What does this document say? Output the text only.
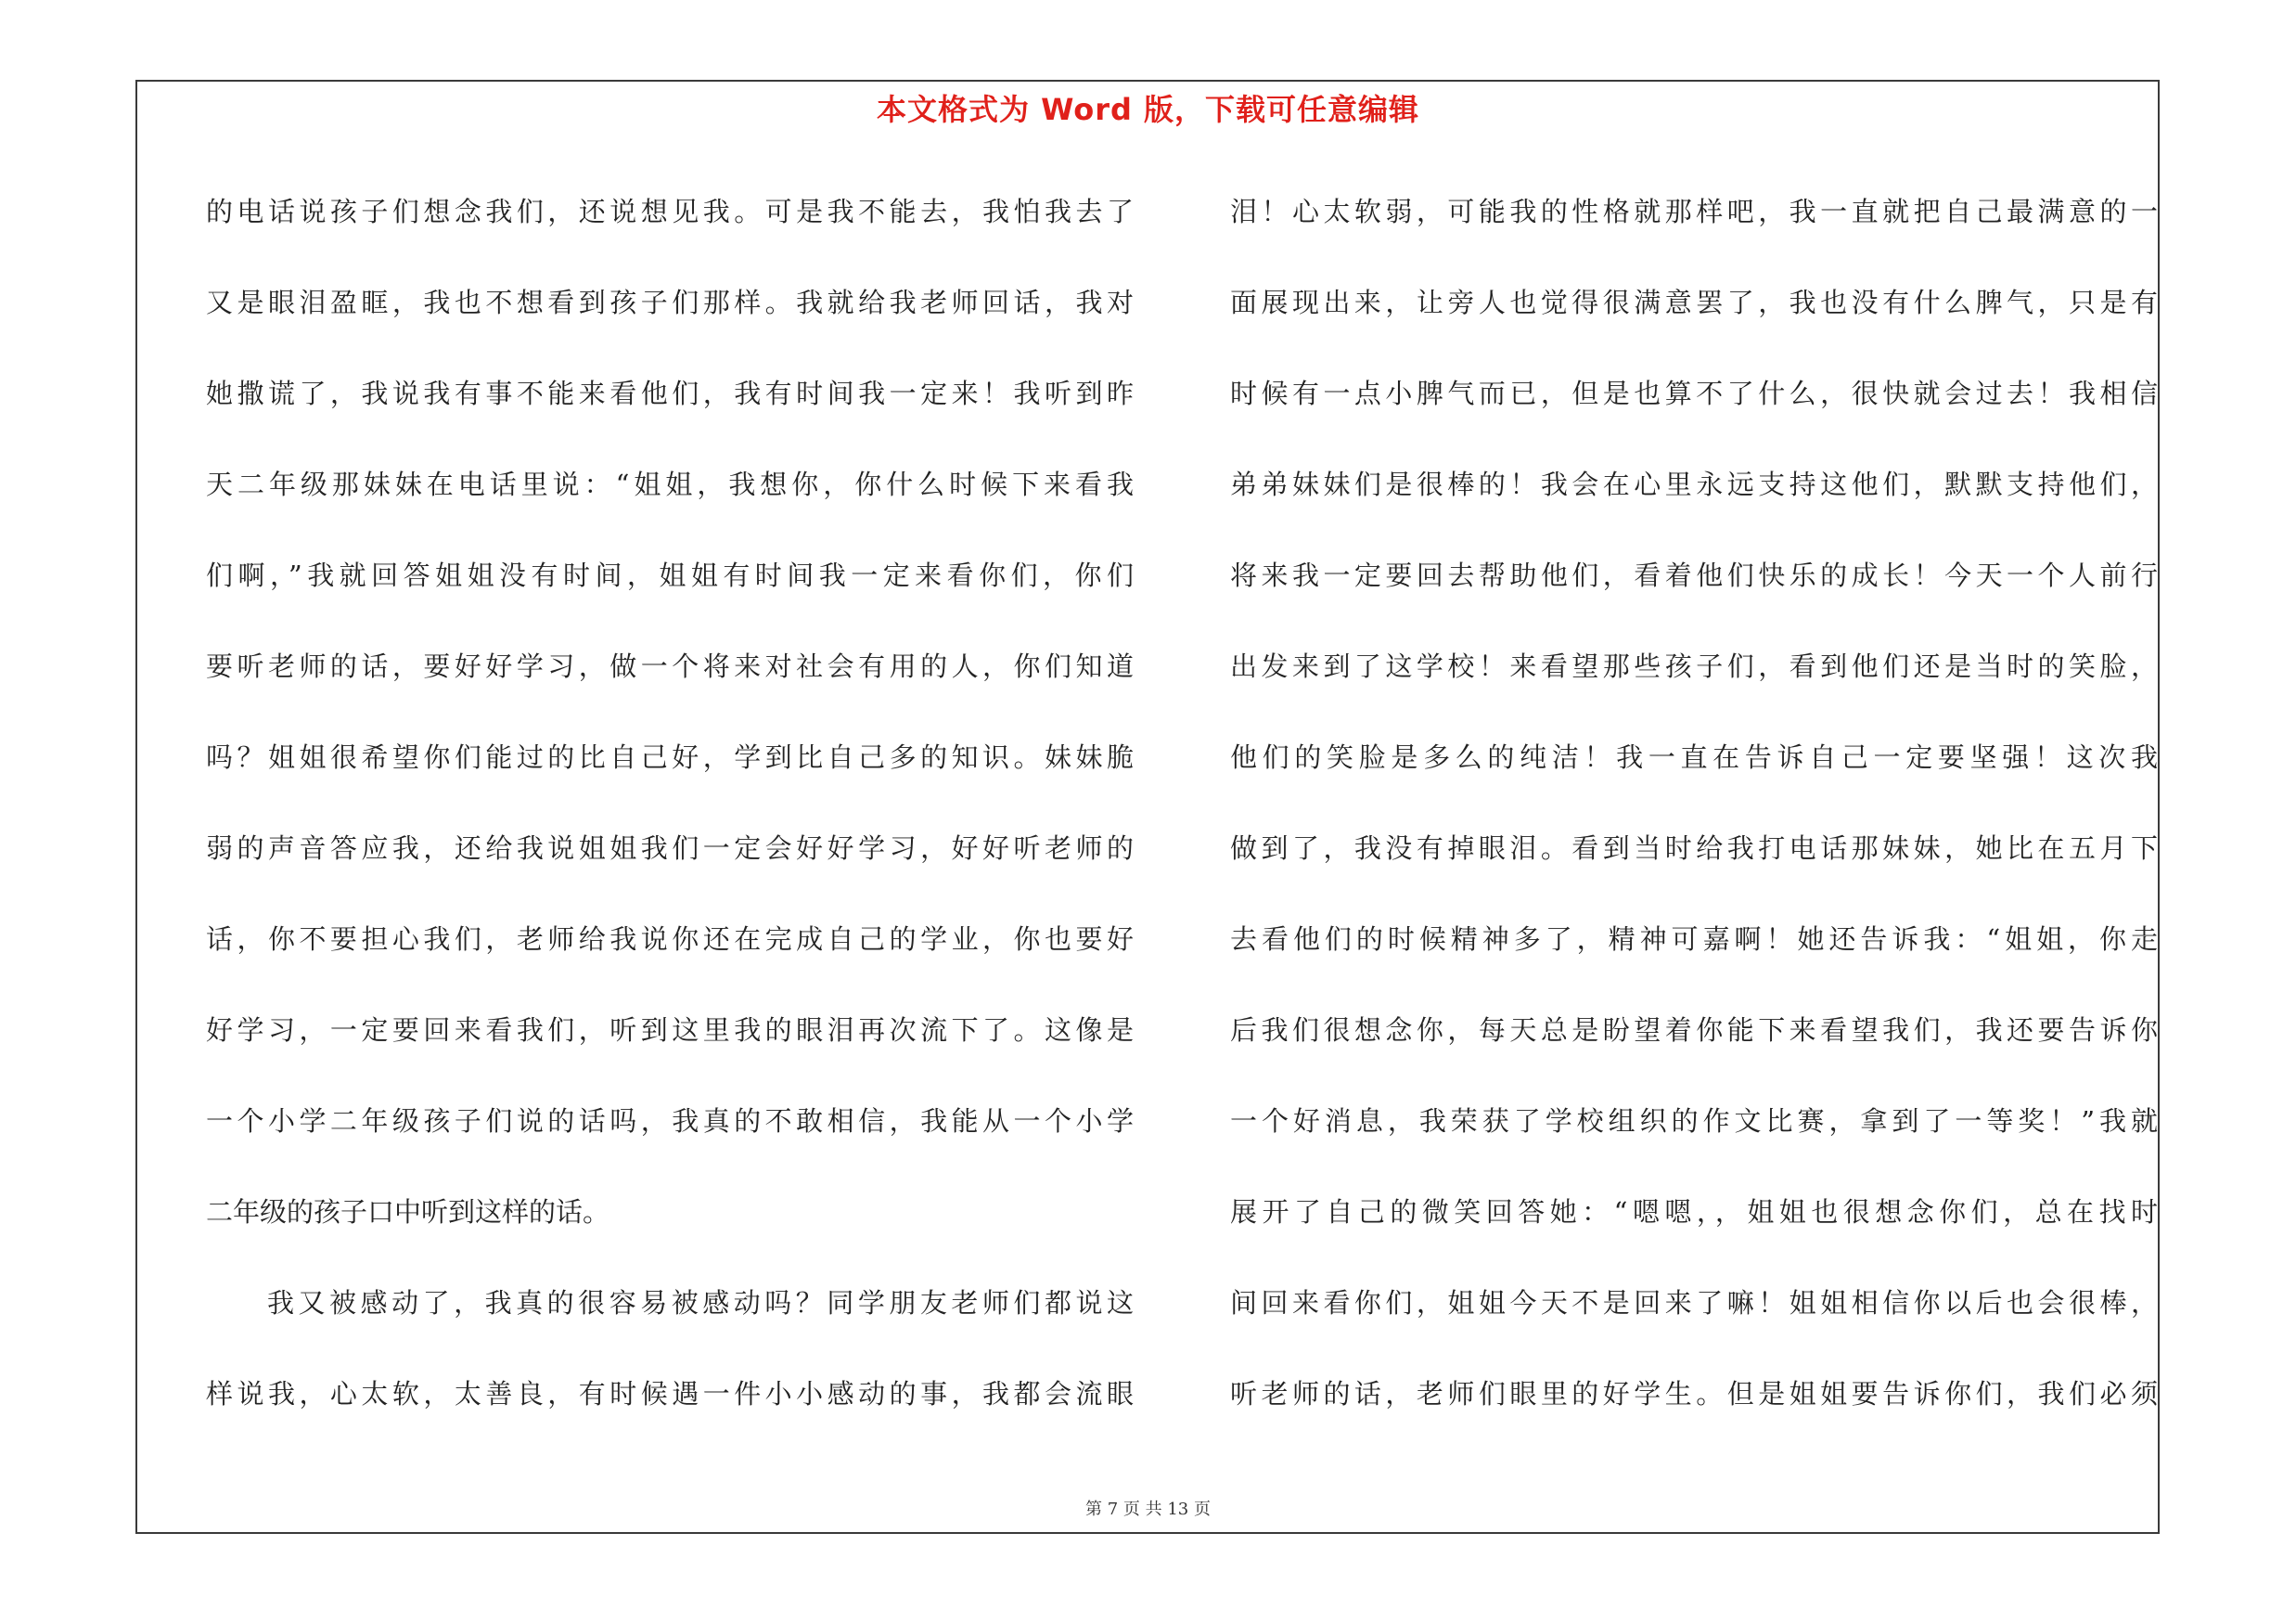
本文格式为 Word 版，下载可任意编辑
的电话说孩子们想念我们，还说想见我。可是我不能去，我怕我去了
又是眼泪盈眶，我也不想看到孩子们那样。我就给我老师回话，我对
她撒谎了，我说我有事不能来看他们，我有时间我一定来！我听到昨
天二年级那妹妹在电话里说：“姐姐，我想你，你什么时候下来看我
们啊，”我就回答姐姐没有时间，姐姐有时间我一定来看你们，你们
要听老师的话，要好好学习，做一个将来对社会有用的人，你们知道
吗？姐姐很希望你们能过的比自己好，学到比自己多的知识。妹妹脆
弱的声音答应我，还给我说姐姐我们一定会好好学习，好好听老师的
话，你不要担心我们，老师给我说你还在完成自己的学业，你也要好
好学习，一定要回来看我们，听到这里我的眼泪再次流下了。这像是
一个小学二年级孩子们说的话吗，我真的不敢相信，我能从一个小学
二年级的孩子口中听到这样的话。
我又被感动了，我真的很容易被感动吗？同学朋友老师们都说这
样说我，心太软，太善良，有时候遇一件小小感动的事，我都会流眼
泪！心太软弱，可能我的性格就那样吧，我一直就把自己最满意的一
面展现出来，让旁人也觉得很满意罢了，我也没有什么脾气，只是有
时候有一点小脾气而已，但是也算不了什么，很快就会过去！我相信
弟弟妹妹们是很棒的！我会在心里永远支持这他们，默默支持他们，
将来我一定要回去帮助他们，看着他们快乐的成长！今天一个人前行
出发来到了这学校！来看望那些孩子们，看到他们还是当时的笑脸，
他们的笑脸是多么的纯洁！我一直在告诉自己一定要坚强！这次我
做到了，我没有掉眼泪。看到当时给我打电话那妹妹，她比在五月下
去看他们的时候精神多了，精神可嘉啊！她还告诉我：“姐姐，你走
后我们很想念你，每天总是盼望着你能下来看望我们，我还要告诉你
一个好消息，我荣获了学校组织的作文比赛，拿到了一等奖！”我就
展开了自己的微笑回答她：“嗯嗯，，姐姐也很想念你们，总在找时
间回来看你们，姐姐今天不是回来了嘛！姐姐相信你以后也会很棒，
听老师的话，老师们眼里的好学生。但是姐姐要告诉你们，我们必须
第 7 页 共 13 页
